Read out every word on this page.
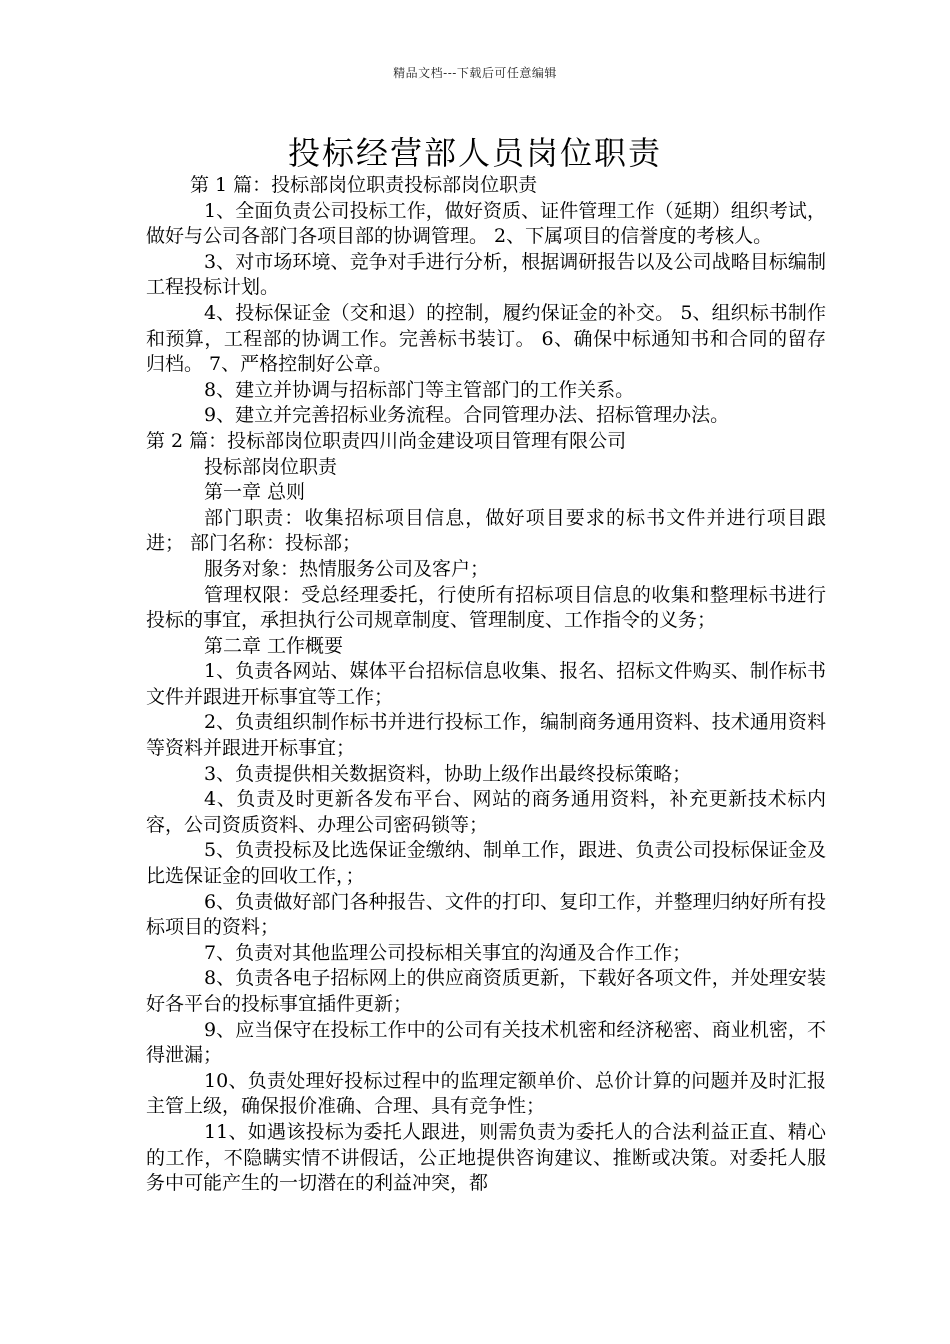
精品文档---下载后可任意编辑
投标经营部人员岗位职责

第 1 篇：投标部岗位职责投标部岗位职责

1、全面负责公司投标工作，做好资质、证件管理工作（延期）组织考试，做好与公司各部门各项目部的协调管理。 2、下属项目的信誉度的考核人。

3、对市场环境、竞争对手进行分析，根据调研报告以及公司战略目标编制工程投标计划。

4、投标保证金（交和退）的控制，履约保证金的补交。 5、组织标书制作和预算，工程部的协调工作。完善标书装订。 6、确保中标通知书和合同的留存归档。 7、严格控制好公章。

8、建立并协调与招标部门等主管部门的工作关系。

9、建立并完善招标业务流程。合同管理办法、招标管理办法。

第 2 篇：投标部岗位职责四川尚金建设项目管理有限公司

投标部岗位职责

第一章 总则

部门职责：收集招标项目信息，做好项目要求的标书文件并进行项目跟进； 部门名称：投标部；

服务对象：热情服务公司及客户；

管理权限：受总经理委托，行使所有招标项目信息的收集和整理标书进行投标的事宜，承担执行公司规章制度、管理制度、工作指令的义务；

第二章 工作概要

1、负责各网站、媒体平台招标信息收集、报名、招标文件购买、制作标书文件并跟进开标事宜等工作；

2、负责组织制作标书并进行投标工作，编制商务通用资料、技术通用资料等资料并跟进开标事宜；

3、负责提供相关数据资料，协助上级作出最终投标策略；

4、负责及时更新各发布平台、网站的商务通用资料，补充更新技术标内容，公司资质资料、办理公司密码锁等；

5、负责投标及比选保证金缴纳、制单工作，跟进、负责公司投标保证金及比选保证金的回收工作，；

6、负责做好部门各种报告、文件的打印、复印工作，并整理归纳好所有投标项目的资料；

7、负责对其他监理公司投标相关事宜的沟通及合作工作；

8、负责各电子招标网上的供应商资质更新，下载好各项文件，并处理安装好各平台的投标事宜插件更新；

9、应当保守在投标工作中的公司有关技术机密和经济秘密、商业机密，不得泄漏；

10、负责处理好投标过程中的监理定额单价、总价计算的问题并及时汇报主管上级，确保报价准确、合理、具有竞争性；

11、如遇该投标为委托人跟进，则需负责为委托人的合法利益正直、精心的工作，不隐瞒实情不讲假话，公正地提供咨询建议、推断或决策。对委托人服务中可能产生的一切潜在的利益冲突，都
